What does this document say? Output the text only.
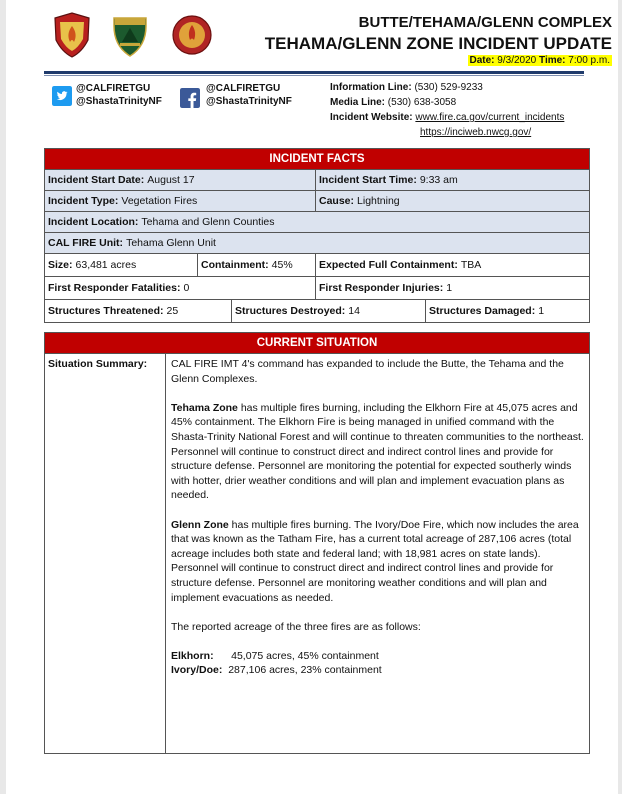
BUTTE/TEHAMA/GLENN COMPLEX
TEHAMA/GLENN ZONE INCIDENT UPDATE
Date: 9/3/2020 Time: 7:00 p.m.
@CALFIRETGU
@ShastaTrinityNF
@CALFIRETGU
@ShastaTrinityNF
Information Line: (530) 529-9233
Media Line: (530) 638-3058
Incident Website: www.fire.ca.gov/current_incidents
https://inciweb.nwcg.gov/
INCIDENT FACTS
Incident Start Date: August 17	Incident Start Time: 9:33 am
Incident Type: Vegetation Fires	Cause: Lightning
Incident Location: Tehama and Glenn Counties
CAL FIRE Unit: Tehama Glenn Unit
Size: 63,481 acres	Containment: 45%	Expected Full Containment: TBA
First Responder Fatalities: 0	First Responder Injuries: 1
Structures Threatened: 25	Structures Destroyed: 14	Structures Damaged: 1
CURRENT SITUATION
Situation Summary:	CAL FIRE IMT 4's command has expanded to include the Butte, the Tehama and the Glenn Complexes.

Tehama Zone has multiple fires burning, including the Elkhorn Fire at 45,075 acres and 45% containment. The Elkhorn Fire is being managed in unified command with the Shasta-Trinity National Forest and will continue to threaten communities to the northeast. Personnel will continue to construct direct and indirect control lines and provide for structure defense. Personnel are monitoring the potential for expected southerly winds with hotter, drier weather conditions and will plan and implement evacuation plans as needed.

Glenn Zone has multiple fires burning. The Ivory/Doe Fire, which now includes the area that was known as the Tatham Fire, has a current total acreage of 287,106 acres (total acreage includes both state and federal land; with 18,981 acres on state lands). Personnel will continue to construct direct and indirect control lines and provide for structure defense. Personnel are monitoring weather conditions and will plan and implement evacuations as needed.

The reported acreage of the three fires are as follows:

Elkhorn: 45,075 acres, 45% containment
Ivory/Doe: 287,106 acres, 23% containment
